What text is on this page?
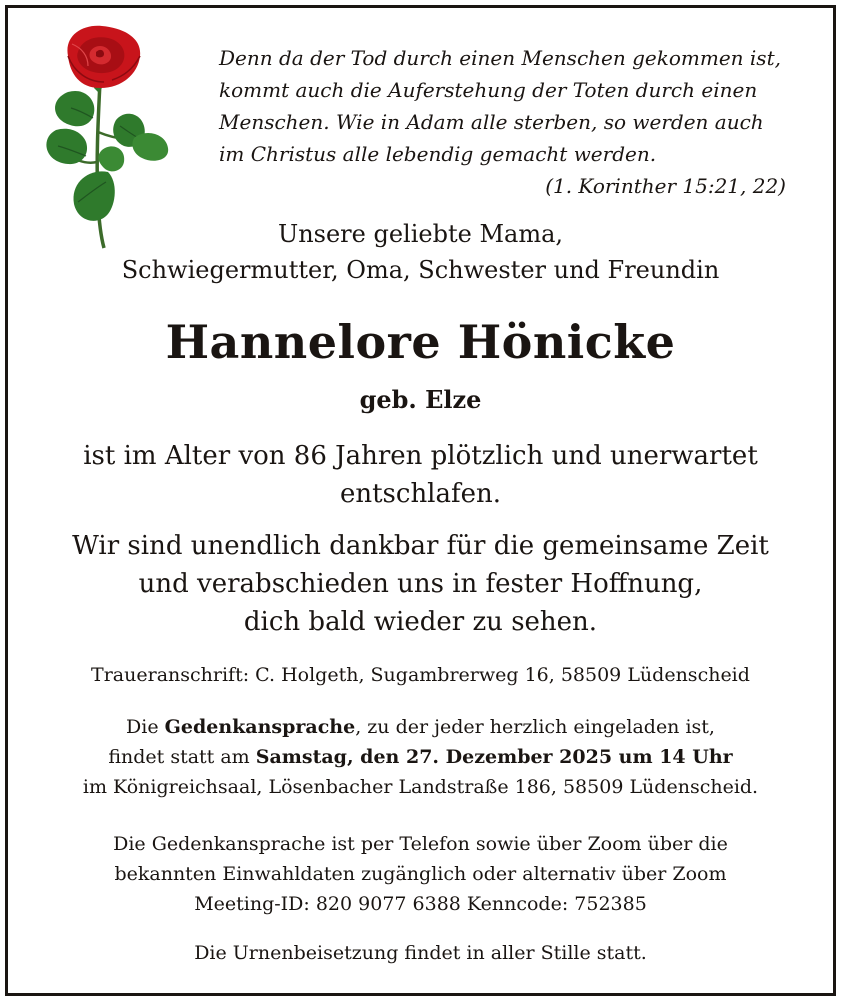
Denn da der Tod durch einen Menschen gekommen ist,
kommt auch die Auferstehung der Toten durch einen
Menschen. Wie in Adam alle sterben, so werden auch
im Christus alle lebendig gemacht werden.
(1. Korinther 15:21, 22)
Unsere geliebte Mama,
Schwiegermutter, Oma, Schwester und Freundin
Hannelore Hönicke
geb. Elze
ist im Alter von 86 Jahren plötzlich und unerwartet
entschlafen.
Wir sind unendlich dankbar für die gemeinsame Zeit
und verabschieden uns in fester Hoffnung,
dich bald wieder zu sehen.
Traueranschrift: C. Holgeth, Sugambrerweg 16, 58509 Lüdenscheid
Die Gedenkansprache, zu der jeder herzlich eingeladen ist,
findet statt am Samstag, den 27. Dezember 2025 um 14 Uhr
im Königreichsaal, Lösenbacher Landstraße 186, 58509 Lüdenscheid.
Die Gedenkansprache ist per Telefon sowie über Zoom über die
bekannten Einwahldaten zugänglich oder alternativ über Zoom
Meeting-ID: 820 9077 6388 Kenncode: 752385
Die Urnenbeisetzung findet in aller Stille statt.
